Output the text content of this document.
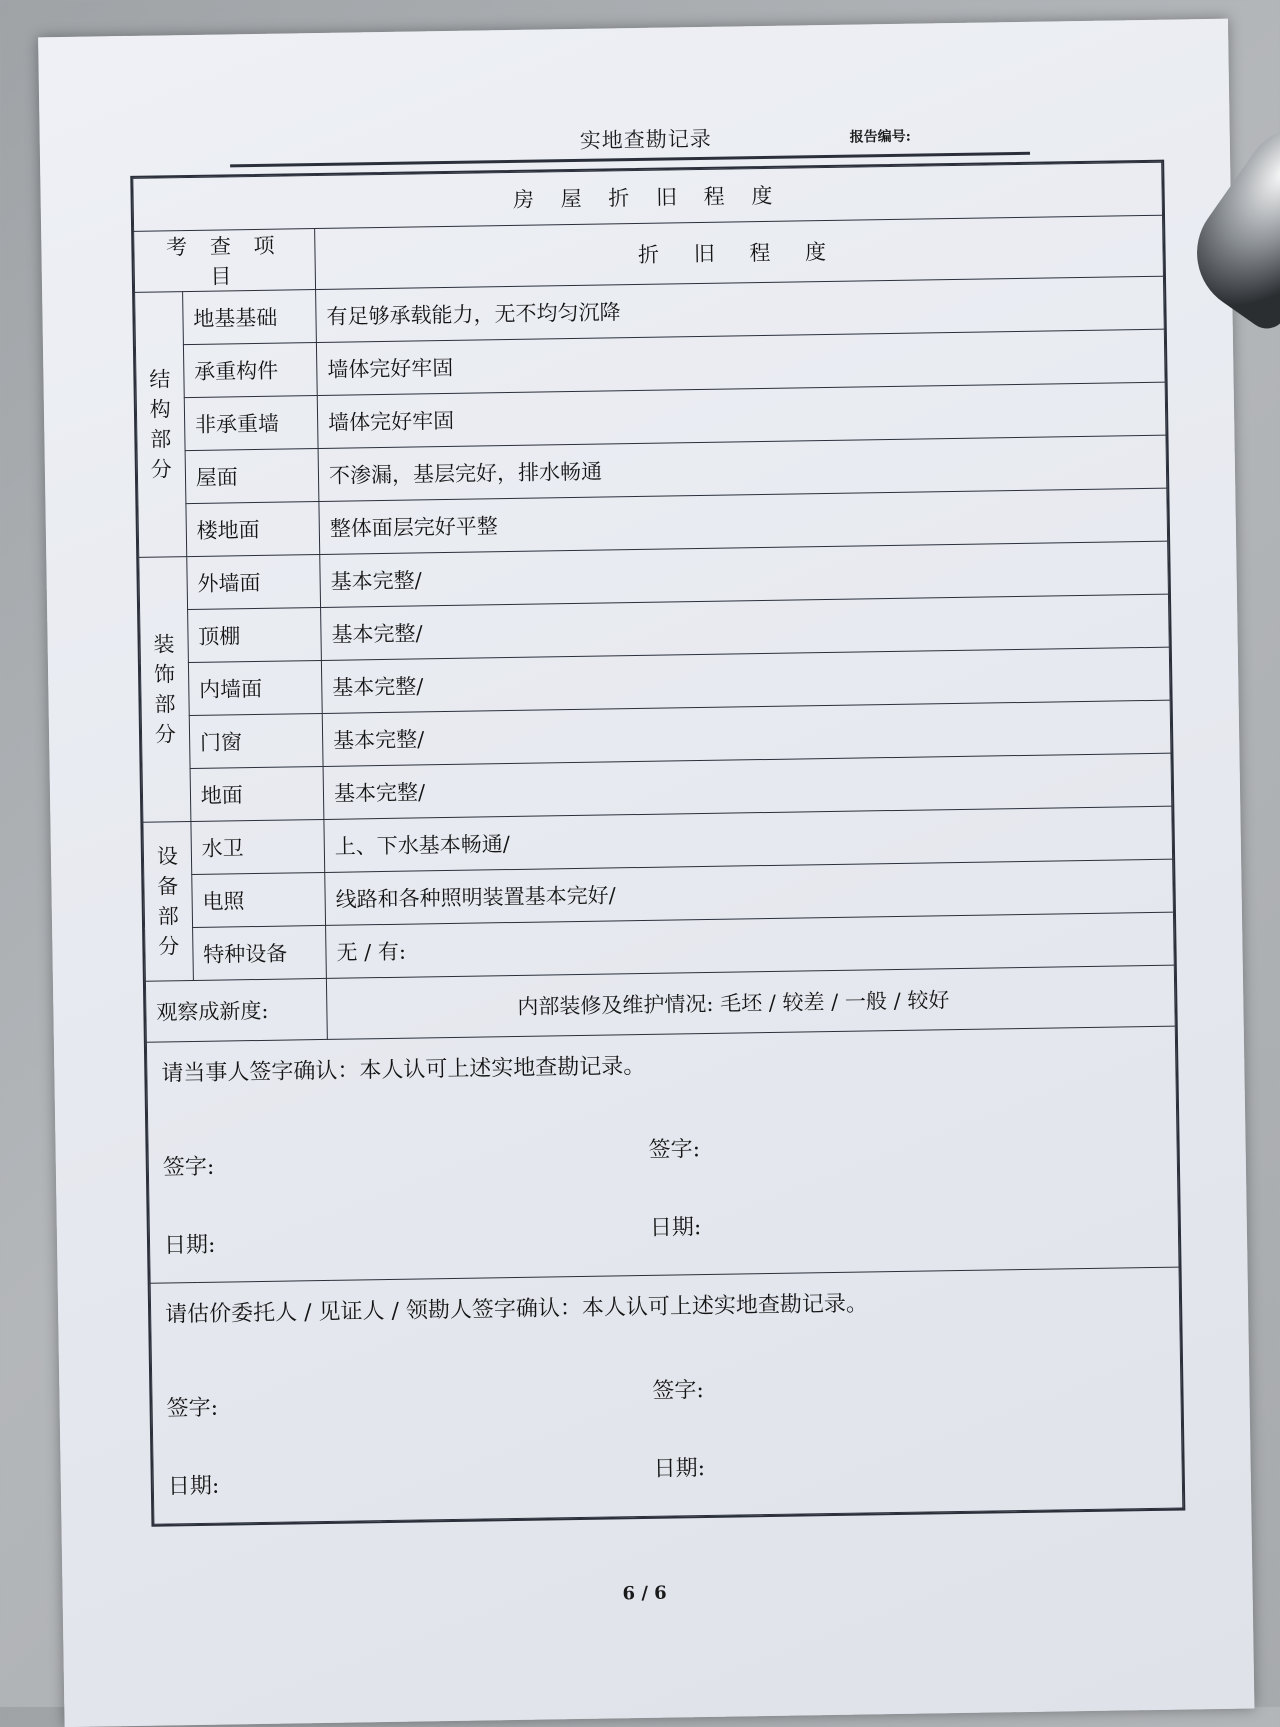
实地查勘记录	报告编号:
房 屋 折 旧 程 度		
考 查 项 目		折 旧 程 度

结
构
部
分	地基基础	有足够承载能力，无不均匀沉降
	承重构件	墙体完好牢固
	非承重墙	墙体完好牢固
	屋面	不渗漏，基层完好，排水畅通
	楼地面	整体面层完好平整

装
饰
部
分	外墙面	基本完整/
	顶棚	基本完整/
	内墙面	基本完整/
	门窗	基本完整/
	地面	基本完整/

设
备
部
分	水卫	上、下水基本畅通/
	电照	线路和各种照明装置基本完好/
	特种设备	无 / 有:
观察成新度:		内部装修及维护情况: 毛坯 / 较差 / 一般 / 较好

请当事人签字确认：本人认可上述实地查勘记录。
签字:
签字:
日期:
日期:		

请估价委托人 / 见证人 / 领勘人签字确认：本人认可上述实地查勘记录。
签字:
签字:
日期:
日期:		
6 / 6
